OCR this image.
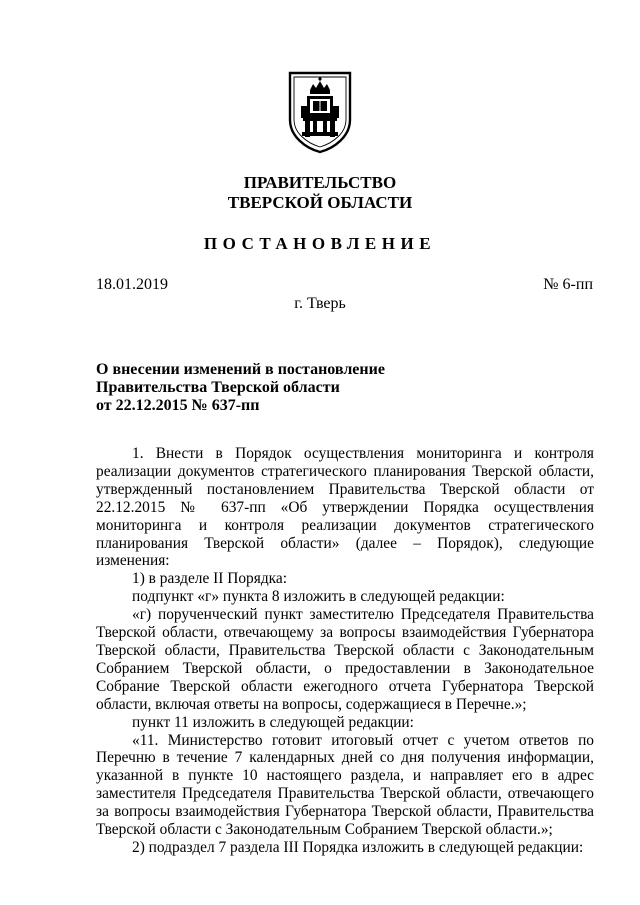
ПРАВИТЕЛЬСТВО
ТВЕРСКОЙ ОБЛАСТИ
ПОСТАНОВЛЕНИЕ
18.01.2019	№ 6-пп
г. Тверь
О внесении изменений в постановление
Правительства Тверской области
от 22.12.2015 № 637-пп

1. Внести в Порядок осуществления мониторинга и контроля реализации документов стратегического планирования Тверской области, утвержденный постановлением Правительства Тверской области от 22.12.2015 № 637-пп «Об утверждении Порядка осуществления мониторинга и контроля реализации документов стратегического планирования Тверской области» (далее – Порядок), следующие изменения:

1) в разделе II Порядка:

подпункт «г» пункта 8 изложить в следующей редакции:

«г) порученческий пункт заместителю Председателя Правительства Тверской области, отвечающему за вопросы взаимодействия Губернатора Тверской области, Правительства Тверской области с Законодательным Собранием Тверской области, о предоставлении в Законодательное Собрание Тверской области ежегодного отчета Губернатора Тверской области, включая ответы на вопросы, содержащиеся в Перечне.»;

пункт 11 изложить в следующей редакции:

«11. Министерство готовит итоговый отчет с учетом ответов по Перечню в течение 7 календарных дней со дня получения информации, указанной в пункте 10 настоящего раздела, и направляет его в адрес заместителя Председателя Правительства Тверской области, отвечающего за вопросы взаимодействия Губернатора Тверской области, Правительства Тверской области с Законодательным Собранием Тверской области.»;

2) подраздел 7 раздела III Порядка изложить в следующей редакции:
